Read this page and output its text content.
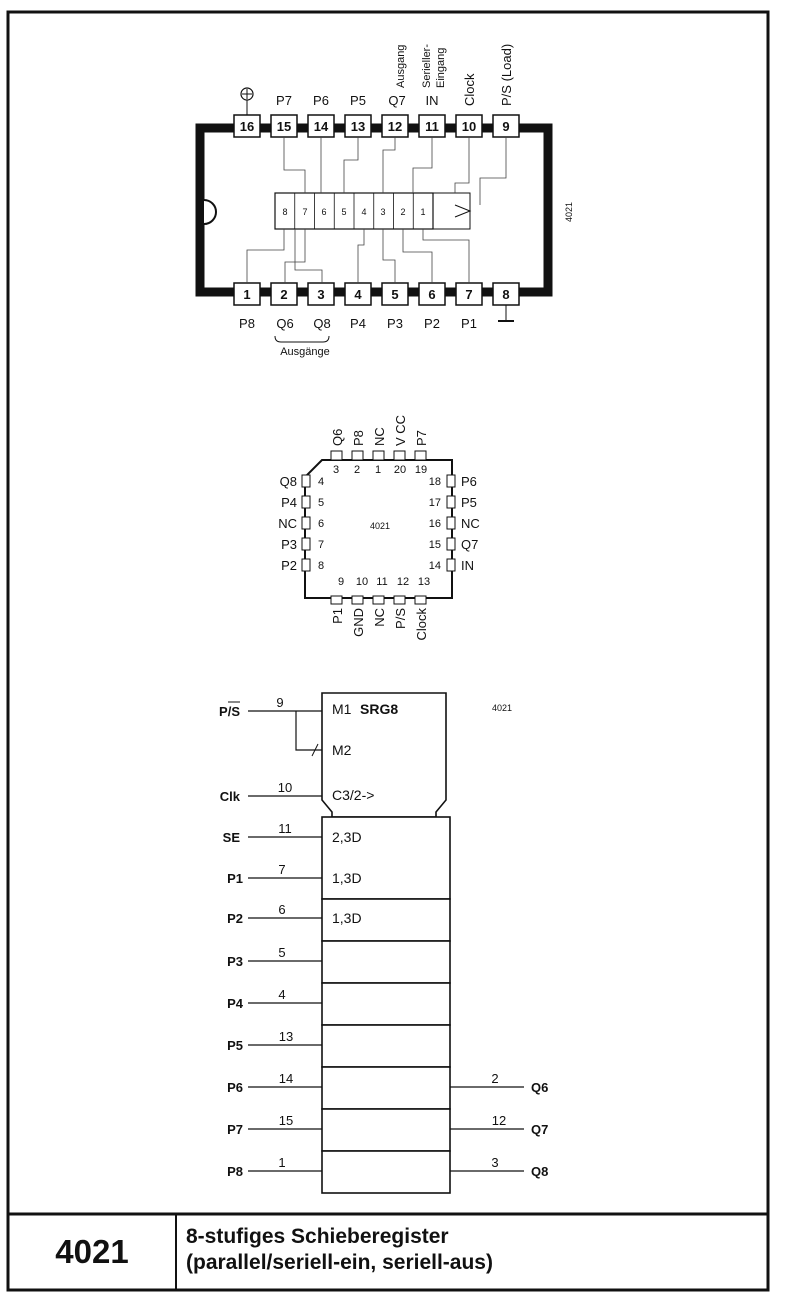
16 15 14 13 12 11 10 9
P7 P6 P5 Q7 IN
Ausgang Serieller- Eingang
Clock P/S (Load)
1 2 3 4 5 6 7 8
P8 Q6 Q8 P4 P3 P2 P1
Ausgänge
8 7 6 5 4 3 2 1	4021
4021
Q6 P8 NC V CC P7
3 2 1 20 19
Q8
P4
NC
P3
P2
4
5
6
7
8
P6
P5
NC
Q7
IN
18
17
16
15
14
9 10 11 12 13
P1 GND NC P/S Clock
M1 SRG8
M2
C3/2->
4021
P/S
9
Clk
10
SE
11
2,3D
P1
P2
P3
P4
P5
P6
P7
P8
7
6
5
4
13
14
15
1
1,3D
1,3D
2
12
3
Q6
Q7
Q8
4021	8-stufiges Schieberegister
(parallel/seriell-ein, seriell-aus)
